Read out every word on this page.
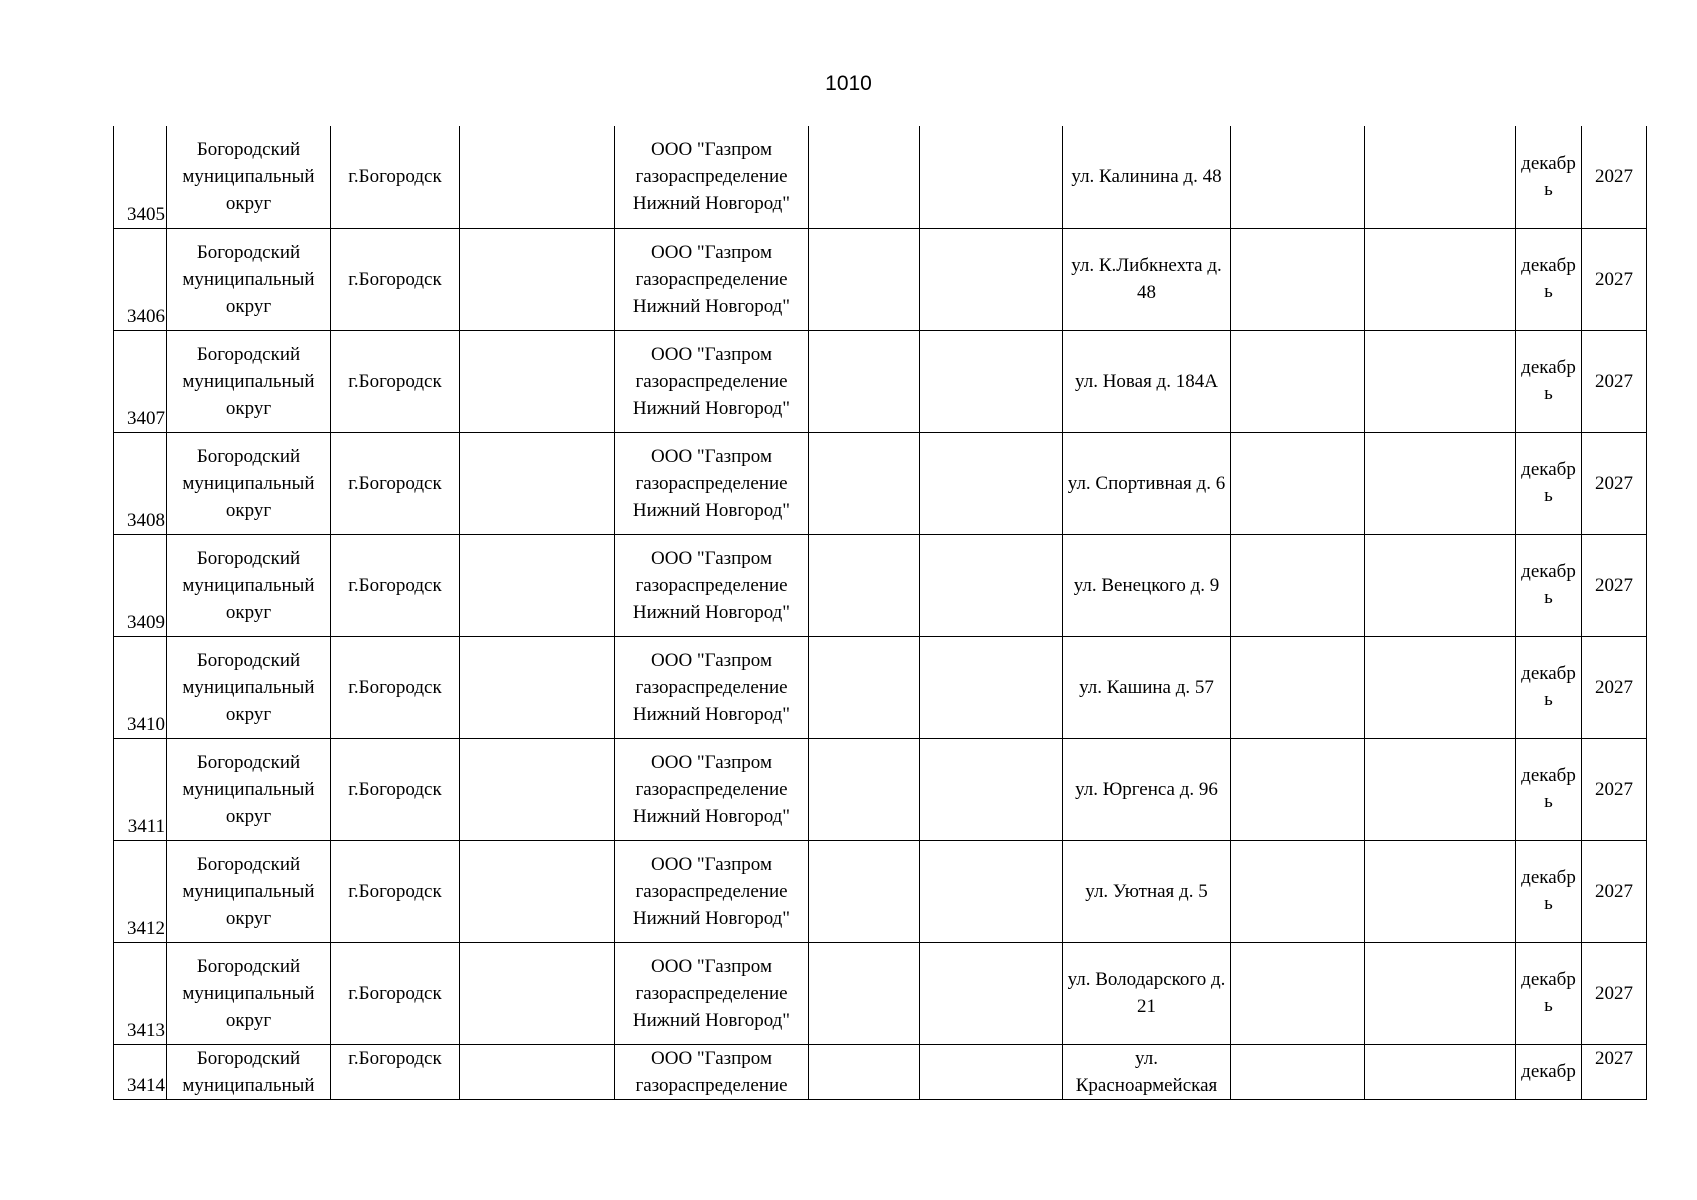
1010
3405	Богородский муниципальный округ	г.Богородск		ООО "Газпром газораспределение Нижний Новгород"			ул. Калинина д. 48			декабрь	2027
3406	Богородский муниципальный округ	г.Богородск		ООО "Газпром газораспределение Нижний Новгород"			ул. К.Либкнехта д. 48			декабрь	2027
3407	Богородский муниципальный округ	г.Богородск		ООО "Газпром газораспределение Нижний Новгород"			ул. Новая д. 184А			декабрь	2027
3408	Богородский муниципальный округ	г.Богородск		ООО "Газпром газораспределение Нижний Новгород"			ул. Спортивная д. 6			декабрь	2027
3409	Богородский муниципальный округ	г.Богородск		ООО "Газпром газораспределение Нижний Новгород"			ул. Венецкого д. 9			декабрь	2027
3410	Богородский муниципальный округ	г.Богородск		ООО "Газпром газораспределение Нижний Новгород"			ул. Кашина д. 57			декабрь	2027
3411	Богородский муниципальный округ	г.Богородск		ООО "Газпром газораспределение Нижний Новгород"			ул. Юргенса д. 96			декабрь	2027
3412	Богородский муниципальный округ	г.Богородск		ООО "Газпром газораспределение Нижний Новгород"			ул. Уютная д. 5			декабрь	2027
3413	Богородский муниципальный округ	г.Богородск		ООО "Газпром газораспределение Нижний Новгород"			ул. Володарского д. 21			декабрь	2027
3414	Богородский муниципальный	г.Богородск		ООО "Газпром газораспределение			ул. Красноармейская			декабр	2027
